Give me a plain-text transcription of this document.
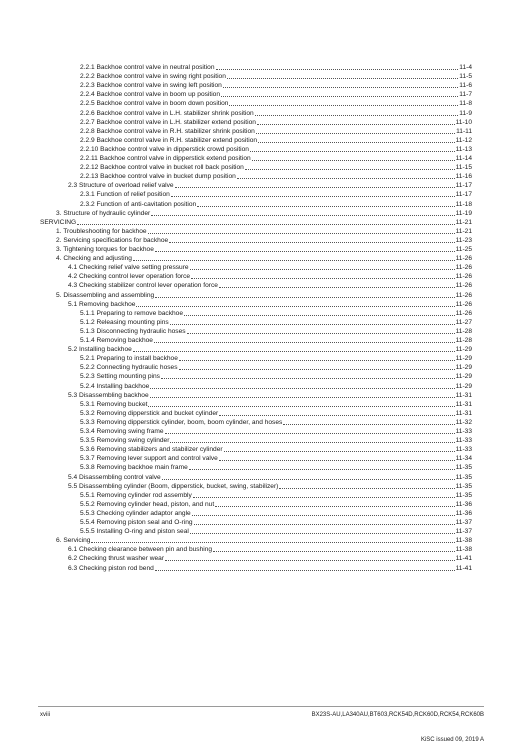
2.2.1 Backhoe control valve in neutral position	11-4
2.2.2 Backhoe control valve in swing right position	11-5
2.2.3 Backhoe control valve in swing left position	11-6
2.2.4 Backhoe control valve in boom up position	11-7
2.2.5 Backhoe control valve in boom down position	11-8
2.2.6 Backhoe control valve in L.H. stabilizer shrink position	11-9
2.2.7 Backhoe control valve in L.H. stabilizer extend position	11-10
2.2.8 Backhoe control valve in R.H. stabilizer shrink position	11-11
2.2.9 Backhoe control valve in R.H. stabilizer extend position	11-12
2.2.10 Backhoe control valve in dipperstick crowd position	11-13
2.2.11 Backhoe control valve in dipperstick extend position	11-14
2.2.12 Backhoe control valve in bucket roll back position	11-15
2.2.13 Backhoe control valve in bucket dump position	11-16
2.3 Structure of overload relief valve	11-17
2.3.1 Function of relief position	11-17
2.3.2 Function of anti-cavitation position	11-18
3. Structure of hydraulic cylinder	11-19
SERVICING	11-21
1. Troubleshooting for backhoe	11-21
2. Servicing specifications for backhoe	11-23
3. Tightening torques for backhoe	11-25
4. Checking and adjusting	11-26
4.1 Checking relief valve setting pressure	11-26
4.2 Checking control lever operation force	11-26
4.3 Checking stabilizer control lever operation force	11-26
5. Disassembling and assembling	11-26
5.1 Removing backhoe	11-26
5.1.1 Preparing to remove backhoe	11-26
5.1.2 Releasing mounting pins	11-27
5.1.3 Disconnecting hydraulic hoses	11-28
5.1.4 Removing backhoe	11-28
5.2 Installing backhoe	11-29
5.2.1 Preparing to install backhoe	11-29
5.2.2 Connecting hydraulic hoses	11-29
5.2.3 Setting mounting pins	11-29
5.2.4 Installing backhoe	11-29
5.3 Disassembling backhoe	11-31
5.3.1 Removing bucket	11-31
5.3.2 Removing dipperstick and bucket cylinder	11-31
5.3.3 Removing dipperstick cylinder, boom, boom cylinder, and hoses	11-32
5.3.4 Removing swing frame	11-33
5.3.5 Removing swing cylinder	11-33
5.3.6 Removing stabilizers and stabilizer cylinder	11-33
5.3.7 Removing lever support and control valve	11-34
5.3.8 Removing backhoe main frame	11-35
5.4 Disassembling control valve	11-35
5.5 Disassembling cylinder (Boom, dipperstick, bucket, swing, stabilizer)	11-35
5.5.1 Removing cylinder rod assembly	11-35
5.5.2 Removing cylinder head, piston, and nut	11-36
5.5.3 Checking cylinder adaptor angle	11-36
5.5.4 Removing piston seal and O-ring	11-37
5.5.5 Installing O-ring and piston seal	11-37
6. Servicing	11-38
6.1 Checking clearance between pin and bushing	11-38
6.2 Checking thrust washer wear	11-41
6.3 Checking piston rod bend	11-41
xviii	BX23S-AU,LA340AU,BT603,RCK54D,RCK60D,RCK54,RCK60B
KiSC issued 09, 2019 A
